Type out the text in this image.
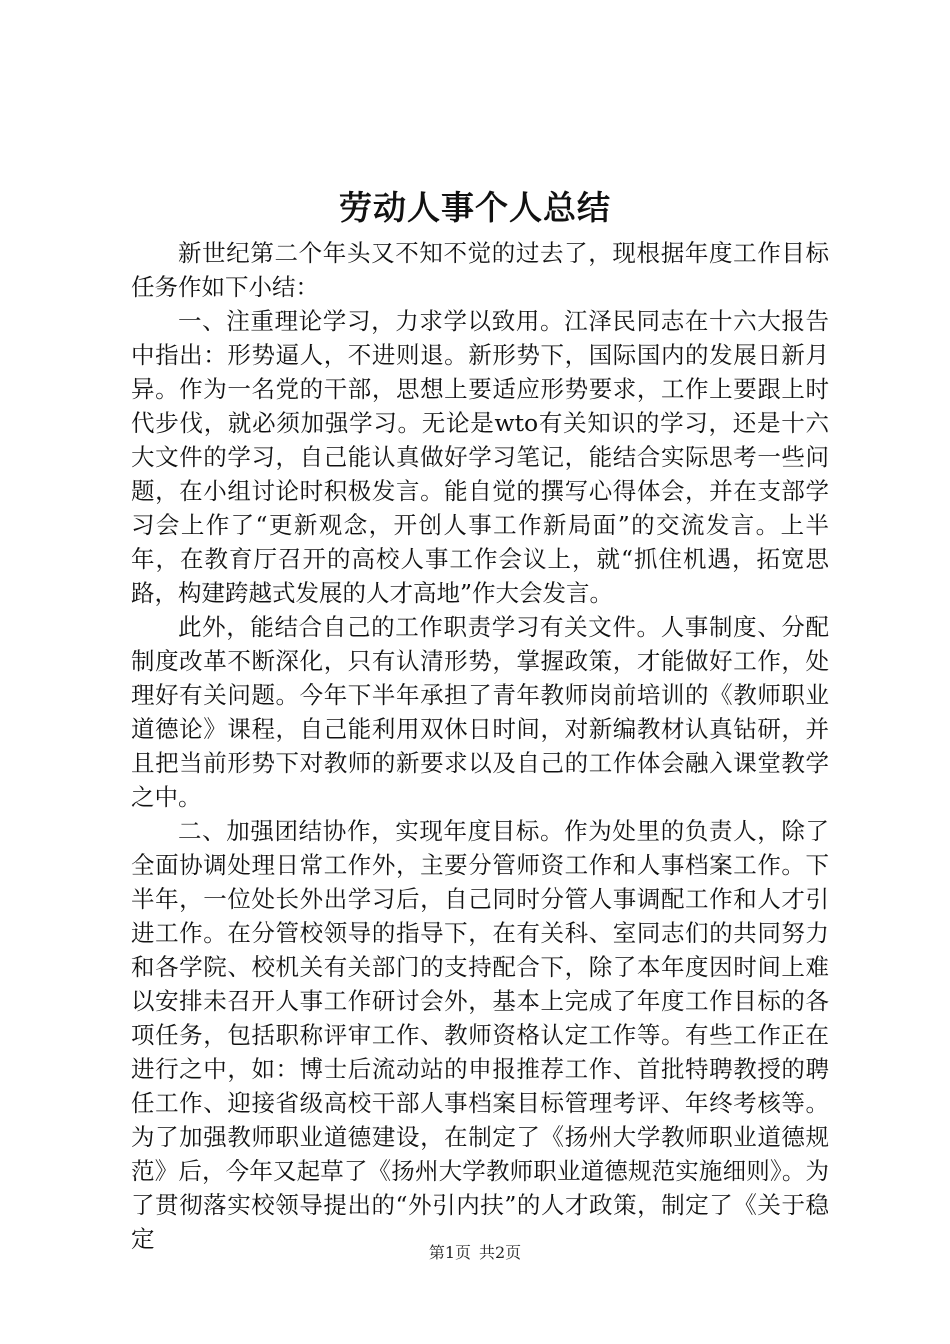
劳动人事个人总结

新世纪第二个年头又不知不觉的过去了，现根据年度工作目标任务作如下小结：

一、注重理论学习，力求学以致用。江泽民同志在十六大报告中指出：形势逼人，不进则退。新形势下，国际国内的发展日新月异。作为一名党的干部，思想上要适应形势要求，工作上要跟上时代步伐，就必须加强学习。无论是wto有关知识的学习，还是十六大文件的学习，自己能认真做好学习笔记，能结合实际思考一些问题，在小组讨论时积极发言。能自觉的撰写心得体会，并在支部学习会上作了“更新观念，开创人事工作新局面”的交流发言。上半年，在教育厅召开的高校人事工作会议上，就“抓住机遇，拓宽思路，构建跨越式发展的人才高地”作大会发言。

此外，能结合自己的工作职责学习有关文件。人事制度、分配制度改革不断深化，只有认清形势，掌握政策，才能做好工作，处理好有关问题。今年下半年承担了青年教师岗前培训的《教师职业道德论》课程，自己能利用双休日时间，对新编教材认真钻研，并且把当前形势下对教师的新要求以及自己的工作体会融入课堂教学之中。

二、加强团结协作，实现年度目标。作为处里的负责人，除了全面协调处理日常工作外，主要分管师资工作和人事档案工作。下半年，一位处长外出学习后，自己同时分管人事调配工作和人才引进工作。在分管校领导的指导下，在有关科、室同志们的共同努力和各学院、校机关有关部门的支持配合下，除了本年度因时间上难以安排未召开人事工作研讨会外，基本上完成了年度工作目标的各项任务，包括职称评审工作、教师资格认定工作等。有些工作正在进行之中，如：博士后流动站的申报推荐工作、首批特聘教授的聘任工作、迎接省级高校干部人事档案目标管理考评、年终考核等。为了加强教师职业道德建设，在制定了《扬州大学教师职业道德规范》后，今年又起草了《扬州大学教师职业道德规范实施细则》。为了贯彻落实校领导提出的“外引内扶”的人才政策，制定了《关于稳定	第1页 共2页
